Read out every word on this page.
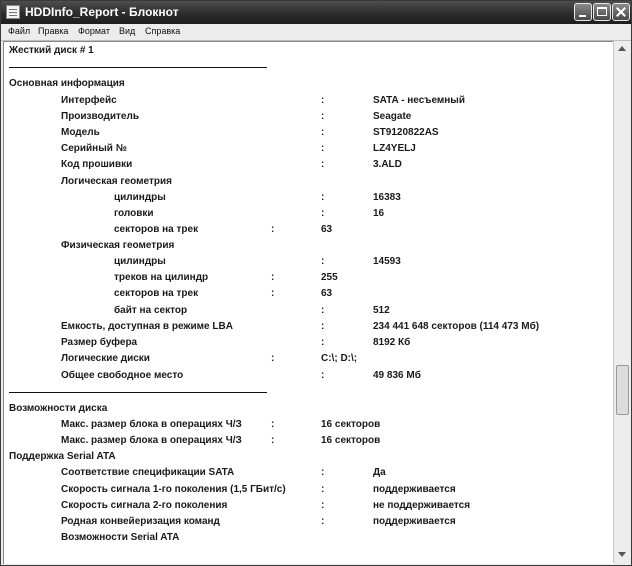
HDDInfo_Report - Блокнот
Файл Правка Формат Вид Справка
Жесткий диск # 1
Основная информация
Интерфейс	:	SATA - несъемный
Производитель	:	Seagate
Модель	:	ST9120822AS
Серийный №	:	LZ4YELJ
Код прошивки	:	3.ALD
Логическая геометрия
цилиндры	:	16383
головки	:	16
секторов на трек	:	63
Физическая геометрия
цилиндры	:	14593
треков на цилиндр	:	255
секторов на трек	:	63
байт на сектор	:	512
Емкость, доступная в режиме LBA	:	234 441 648 секторов (114 473 Мб)
Размер буфера	:	8192 Кб
Логические диски	:	C:\; D:\;
Общее свободное место	:	49 836 Мб
Возможности диска
Макс. размер блока в операциях Ч/З	:	16 секторов
Макс. размер блока в операциях Ч/З	:	16 секторов
Поддержка Serial ATA
Соответствие спецификации SATA	:	Да
Скорость сигнала 1-го поколения (1,5 ГБит/с)	:	поддерживается
Скорость сигнала 2-го поколения	:	не поддерживается
Родная конвейеризация команд	:	поддерживается
Возможности Serial ATA
